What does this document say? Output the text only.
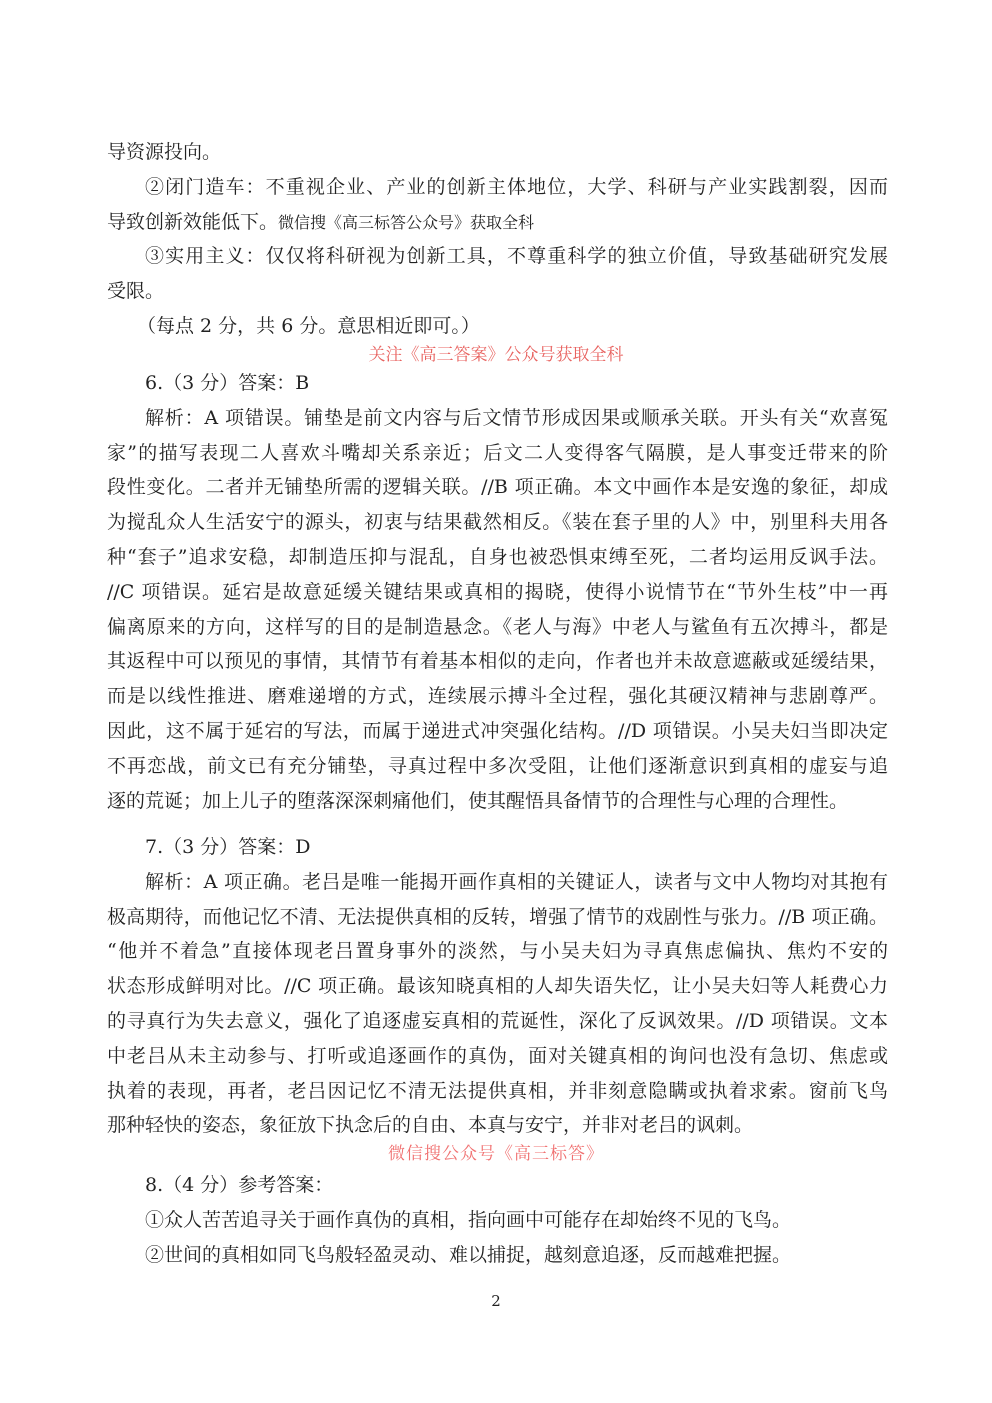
导资源投向。
②闭门造车：不重视企业、产业的创新主体地位，大学、科研与产业实践割裂，因而
导致创新效能低下。微信搜《高三标答公众号》获取全科
③实用主义：仅仅将科研视为创新工具，不尊重科学的独立价值，导致基础研究发展
受限。
（每点 2 分，共 6 分。意思相近即可。）
关注《高三答案》公众号获取全科
6.（3 分）答案：B
解析：A 项错误。铺垫是前文内容与后文情节形成因果或顺承关联。开头有关“欢喜冤
家”的描写表现二人喜欢斗嘴却关系亲近；后文二人变得客气隔膜，是人事变迁带来的阶
段性变化。二者并无铺垫所需的逻辑关联。//B 项正确。本文中画作本是安逸的象征，却成
为搅乱众人生活安宁的源头，初衷与结果截然相反。《装在套子里的人》中，别里科夫用各
种“套子”追求安稳，却制造压抑与混乱，自身也被恐惧束缚至死，二者均运用反讽手法。
//C 项错误。延宕是故意延缓关键结果或真相的揭晓，使得小说情节在“节外生枝”中一再
偏离原来的方向，这样写的目的是制造悬念。《老人与海》中老人与鲨鱼有五次搏斗，都是
其返程中可以预见的事情，其情节有着基本相似的走向，作者也并未故意遮蔽或延缓结果，
而是以线性推进、磨难递增的方式，连续展示搏斗全过程，强化其硬汉精神与悲剧尊严。
因此，这不属于延宕的写法，而属于递进式冲突强化结构。//D 项错误。小吴夫妇当即决定
不再恋战，前文已有充分铺垫，寻真过程中多次受阻，让他们逐渐意识到真相的虚妄与追
逐的荒诞；加上儿子的堕落深深刺痛他们，使其醒悟具备情节的合理性与心理的合理性。
7.（3 分）答案：D
解析：A 项正确。老吕是唯一能揭开画作真相的关键证人，读者与文中人物均对其抱有
极高期待，而他记忆不清、无法提供真相的反转，增强了情节的戏剧性与张力。//B 项正确。
“他并不着急”直接体现老吕置身事外的淡然，与小吴夫妇为寻真焦虑偏执、焦灼不安的
状态形成鲜明对比。//C 项正确。最该知晓真相的人却失语失忆，让小吴夫妇等人耗费心力
的寻真行为失去意义，强化了追逐虚妄真相的荒诞性，深化了反讽效果。//D 项错误。文本
中老吕从未主动参与、打听或追逐画作的真伪，面对关键真相的询问也没有急切、焦虑或
执着的表现，再者，老吕因记忆不清无法提供真相，并非刻意隐瞒或执着求索。窗前飞鸟
那种轻快的姿态，象征放下执念后的自由、本真与安宁，并非对老吕的讽刺。
微信搜公众号《高三标答》
8.（4 分）参考答案：
①众人苦苦追寻关于画作真伪的真相，指向画中可能存在却始终不见的飞鸟。
②世间的真相如同飞鸟般轻盈灵动、难以捕捉，越刻意追逐，反而越难把握。
2
